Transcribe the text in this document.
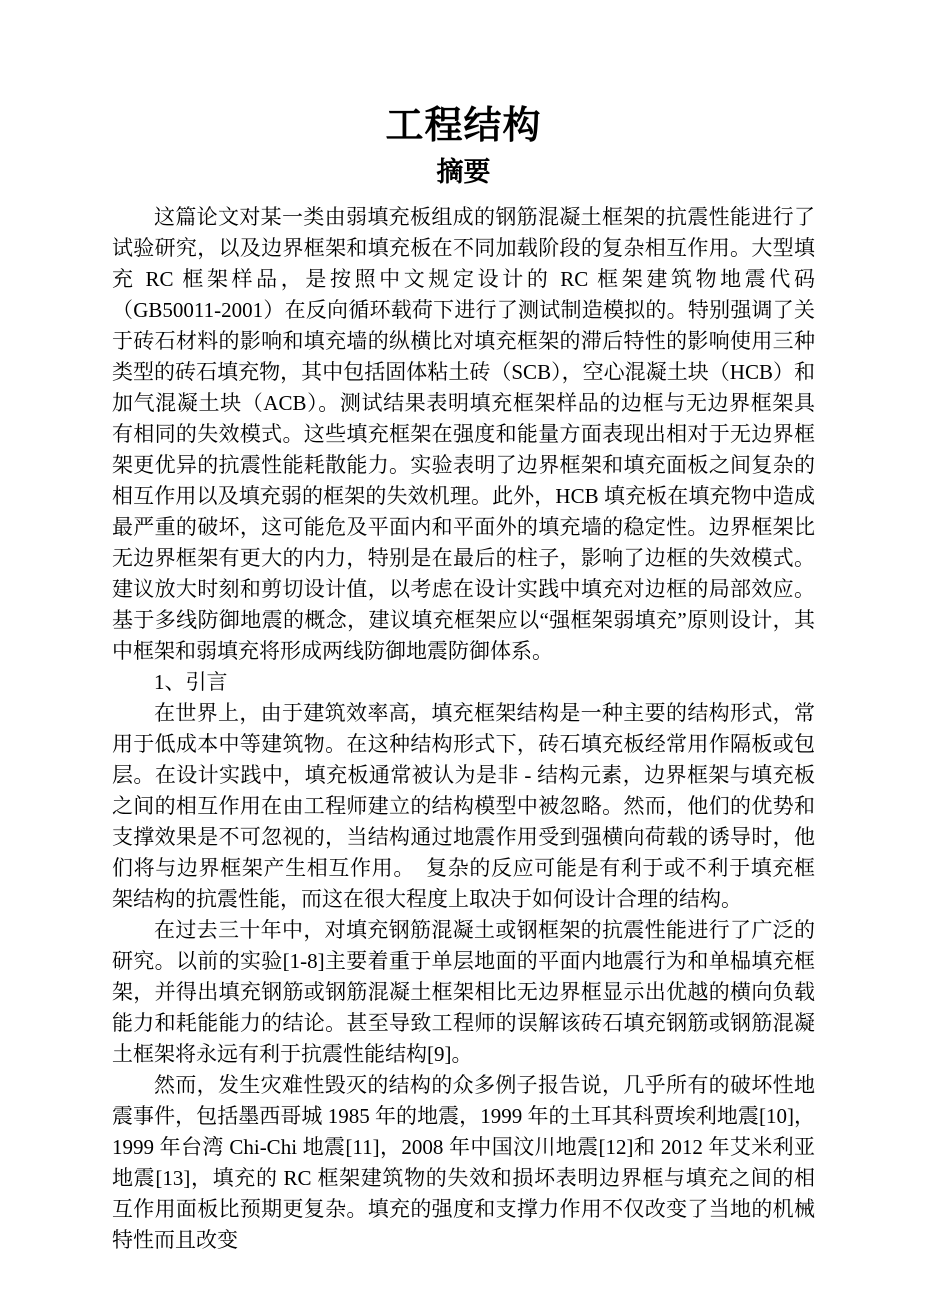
工程结构
摘要

这篇论文对某一类由弱填充板组成的钢筋混凝土框架的抗震性能进行了试验研究，以及边界框架和填充板在不同加载阶段的复杂相互作用。大型填充 RC 框架样品，是按照中文规定设计的 RC 框架建筑物地震代码（GB50011-2001）在反向循环载荷下进行了测试制造模拟的。特别强调了关于砖石材料的影响和填充墙的纵横比对填充框架的滞后特性的影响使用三种类型的砖石填充物，其中包括固体粘土砖（SCB），空心混凝土块（HCB）和加气混凝土块（ACB）。测试结果表明填充框架样品的边框与无边界框架具有相同的失效模式。这些填充框架在强度和能量方面表现出相对于无边界框架更优异的抗震性能耗散能力。实验表明了边界框架和填充面板之间复杂的相互作用以及填充弱的框架的失效机理。此外，HCB 填充板在填充物中造成最严重的破坏，这可能危及平面内和平面外的填充墙的稳定性。边界框架比无边界框架有更大的内力，特别是在最后的柱子，影响了边框的失效模式。建议放大时刻和剪切设计值，以考虑在设计实践中填充对边框的局部效应。基于多线防御地震的概念，建议填充框架应以“强框架弱填充”原则设计，其中框架和弱填充将形成两线防御地震防御体系。

1、引言

在世界上，由于建筑效率高，填充框架结构是一种主要的结构形式，常用于低成本中等建筑物。在这种结构形式下，砖石填充板经常用作隔板或包层。在设计实践中，填充板通常被认为是非 - 结构元素，边界框架与填充板之间的相互作用在由工程师建立的结构模型中被忽略。然而，他们的优势和支撑效果是不可忽视的，当结构通过地震作用受到强横向荷载的诱导时，他们将与边界框架产生相互作用。　复杂的反应可能是有利于或不利于填充框架结构的抗震性能，而这在很大程度上取决于如何设计合理的结构。

在过去三十年中，对填充钢筋混凝土或钢框架的抗震性能进行了广泛的研究。以前的实验[1-8]主要着重于单层地面的平面内地震行为和单榀填充框架，并得出填充钢筋或钢筋混凝土框架相比无边界框显示出优越的横向负载能力和耗能能力的结论。甚至导致工程师的误解该砖石填充钢筋或钢筋混凝土框架将永远有利于抗震性能结构[9]。

然而，发生灾难性毁灭的结构的众多例子报告说，几乎所有的破坏性地震事件，包括墨西哥城 1985 年的地震，1999 年的土耳其科贾埃利地震[10]，1999 年台湾 Chi-Chi 地震[11]，2008 年中国汶川地震[12]和 2012 年艾米利亚地震[13]，填充的 RC 框架建筑物的失效和损坏表明边界框与填充之间的相互作用面板比预期更复杂。填充的强度和支撑力作用不仅改变了当地的机械特性而且改变
